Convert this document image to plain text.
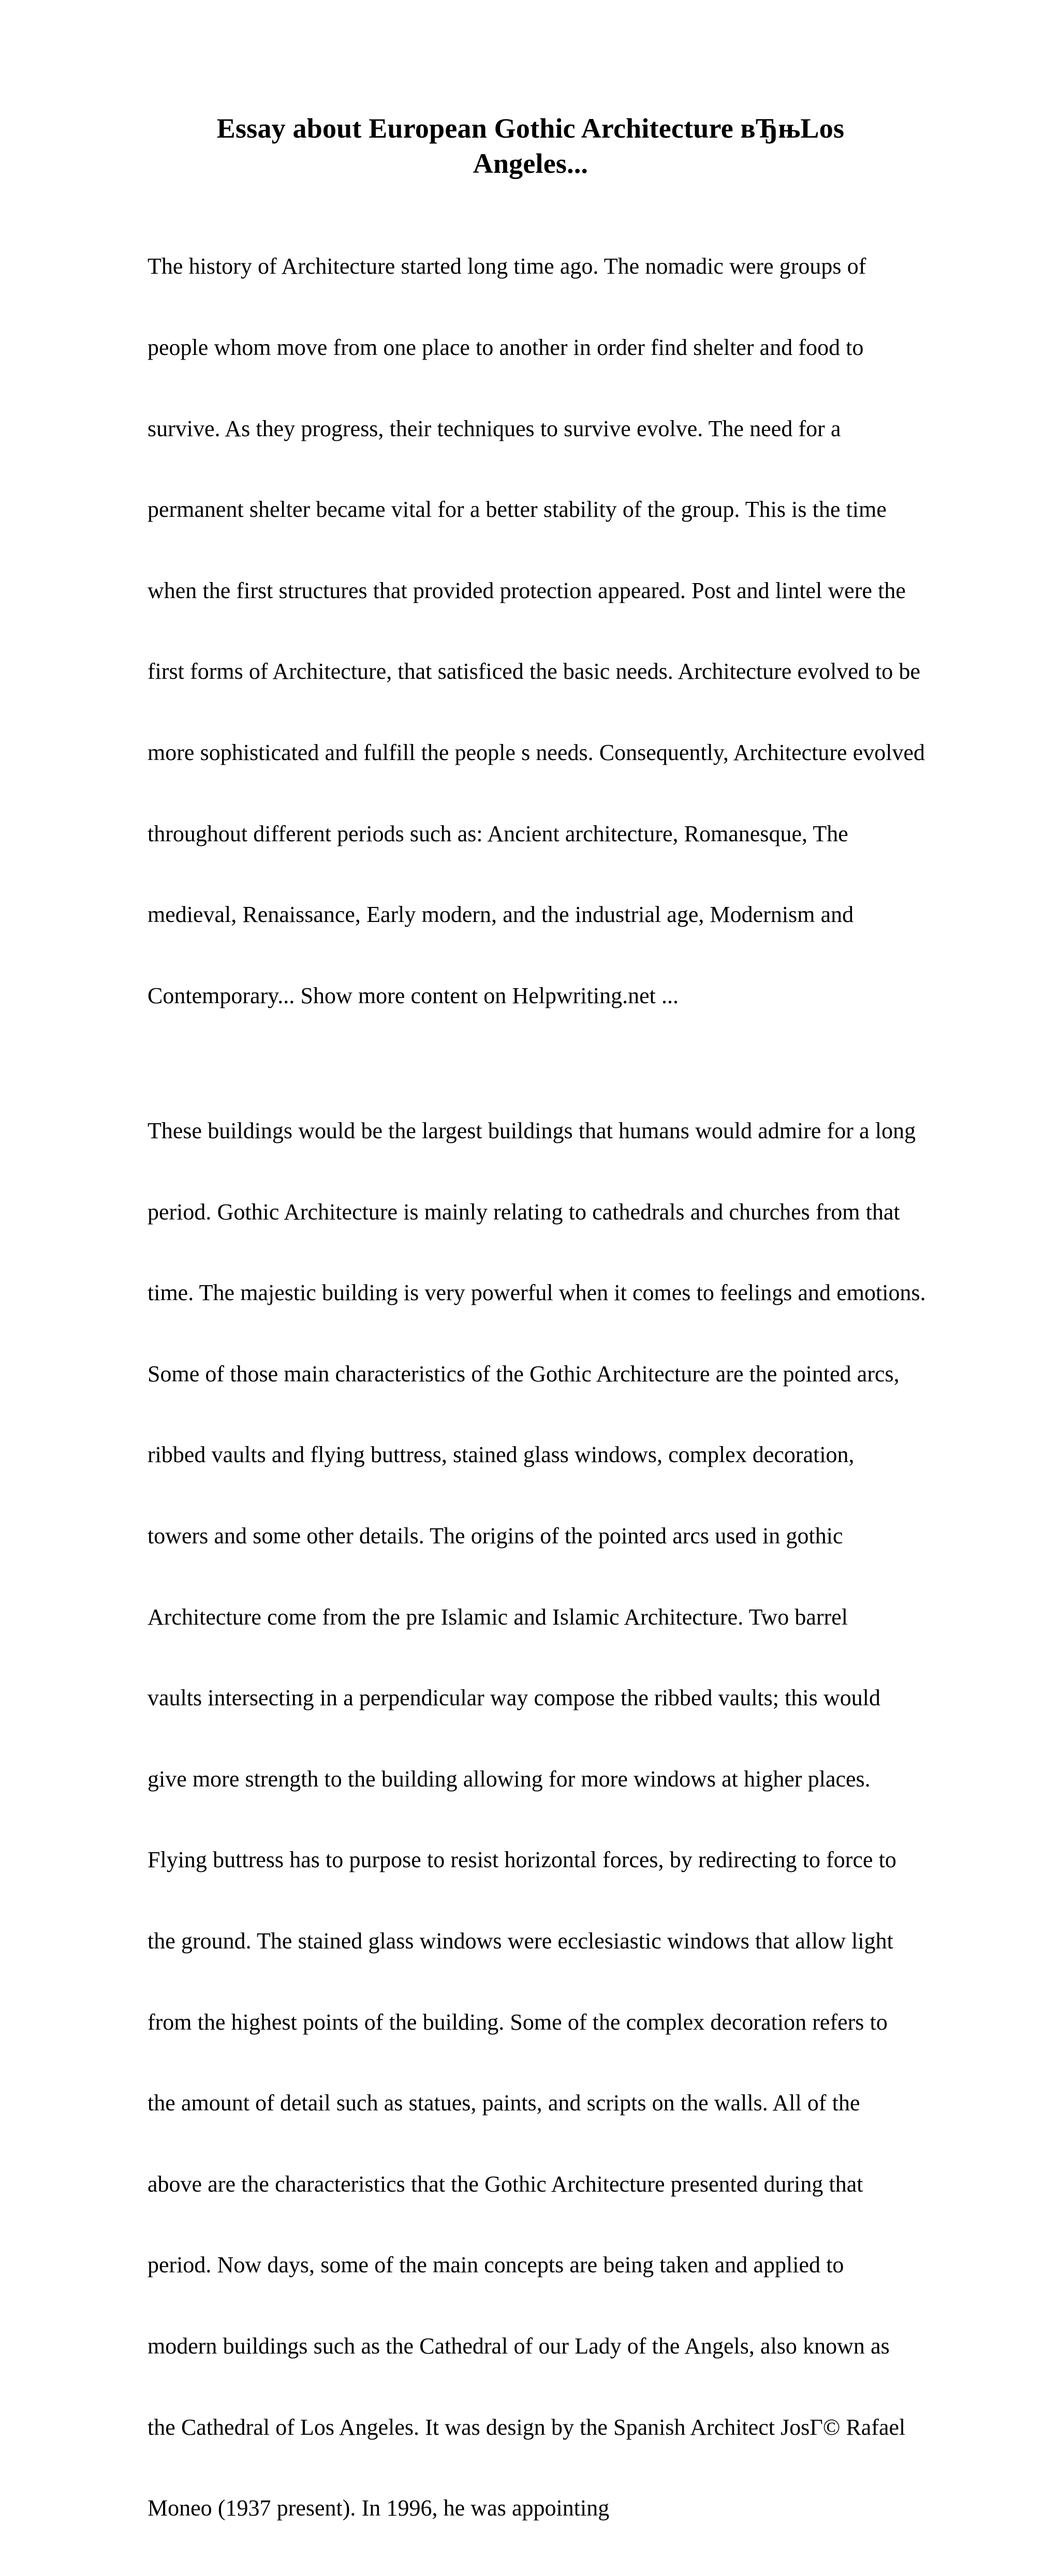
Essay about European Gothic Architecture вЂњLos
Angeles...

The history of Architecture started long time ago. The nomadic were groups of

people whom move from one place to another in order find shelter and food to

survive. As they progress, their techniques to survive evolve. The need for a

permanent shelter became vital for a better stability of the group. This is the time

when the first structures that provided protection appeared. Post and lintel were the

first forms of Architecture, that satisficed the basic needs. Architecture evolved to be

more sophisticated and fulfill the people s needs. Consequently, Architecture evolved

throughout different periods such as: Ancient architecture, Romanesque, The

medieval, Renaissance, Early modern, and the industrial age, Modernism and

Contemporary... Show more content on Helpwriting.net ...

These buildings would be the largest buildings that humans would admire for a long

period. Gothic Architecture is mainly relating to cathedrals and churches from that

time. The majestic building is very powerful when it comes to feelings and emotions.

Some of those main characteristics of the Gothic Architecture are the pointed arcs,

ribbed vaults and flying buttress, stained glass windows, complex decoration,

towers and some other details. The origins of the pointed arcs used in gothic

Architecture come from the pre Islamic and Islamic Architecture. Two barrel

vaults intersecting in a perpendicular way compose the ribbed vaults; this would

give more strength to the building allowing for more windows at higher places.

Flying buttress has to purpose to resist horizontal forces, by redirecting to force to

the ground. The stained glass windows were ecclesiastic windows that allow light

from the highest points of the building. Some of the complex decoration refers to

the amount of detail such as statues, paints, and scripts on the walls. All of the

above are the characteristics that the Gothic Architecture presented during that

period. Now days, some of the main concepts are being taken and applied to

modern buildings such as the Cathedral of our Lady of the Angels, also known as

the Cathedral of Los Angeles. It was design by the Spanish Architect JosГ© Rafael

Moneo (1937 present). In 1996, he was appointing
